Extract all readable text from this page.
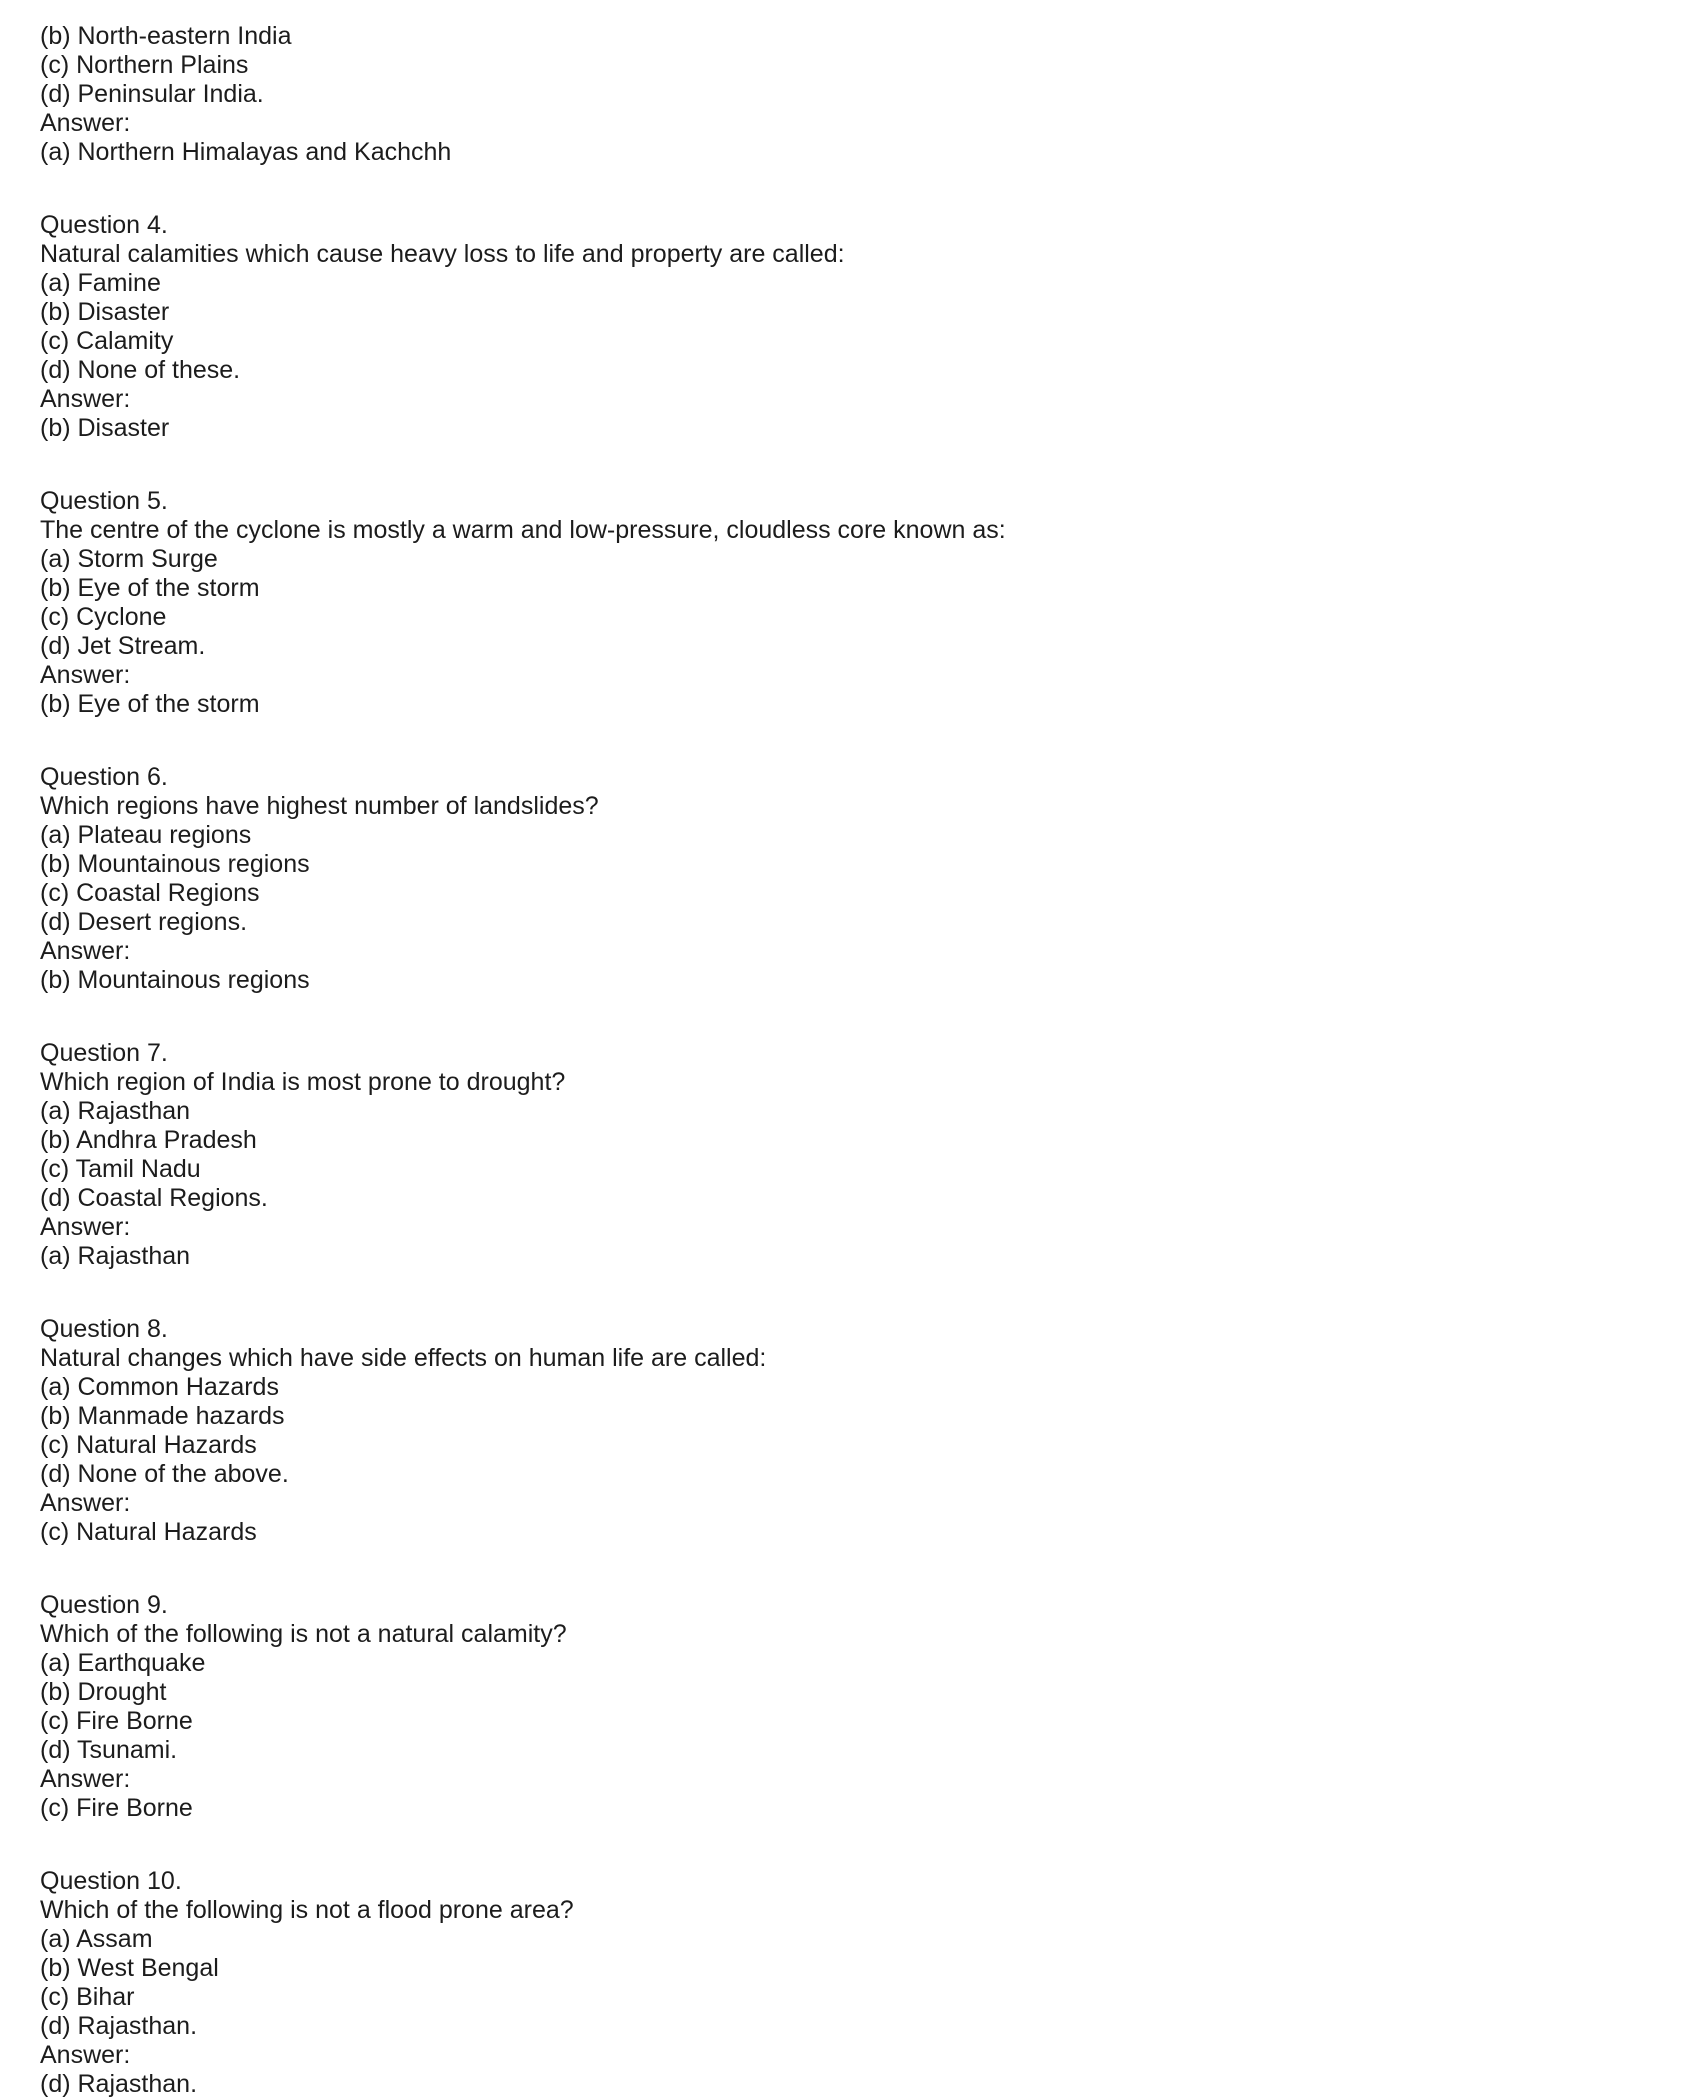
(b) North-eastern India
(c) Northern Plains
(d) Peninsular India.
Answer:
(a) Northern Himalayas and Kachchh
Question 4.
Natural calamities which cause heavy loss to life and property are called:
(a) Famine
(b) Disaster
(c) Calamity
(d) None of these.
Answer:
(b) Disaster
Question 5.
The centre of the cyclone is mostly a warm and low-pressure, cloudless core known as:
(a) Storm Surge
(b) Eye of the storm
(c) Cyclone
(d) Jet Stream.
Answer:
(b) Eye of the storm
Question 6.
Which regions have highest number of landslides?
(a) Plateau regions
(b) Mountainous regions
(c) Coastal Regions
(d) Desert regions.
Answer:
(b) Mountainous regions
Question 7.
Which region of India is most prone to drought?
(a) Rajasthan
(b) Andhra Pradesh
(c) Tamil Nadu
(d) Coastal Regions.
Answer:
(a) Rajasthan
Question 8.
Natural changes which have side effects on human life are called:
(a) Common Hazards
(b) Manmade hazards
(c) Natural Hazards
(d) None of the above.
Answer:
(c) Natural Hazards
Question 9.
Which of the following is not a natural calamity?
(a) Earthquake
(b) Drought
(c) Fire Borne
(d) Tsunami.
Answer:
(c) Fire Borne
Question 10.
Which of the following is not a flood prone area?
(a) Assam
(b) West Bengal
(c) Bihar
(d) Rajasthan.
Answer:
(d) Rajasthan.
